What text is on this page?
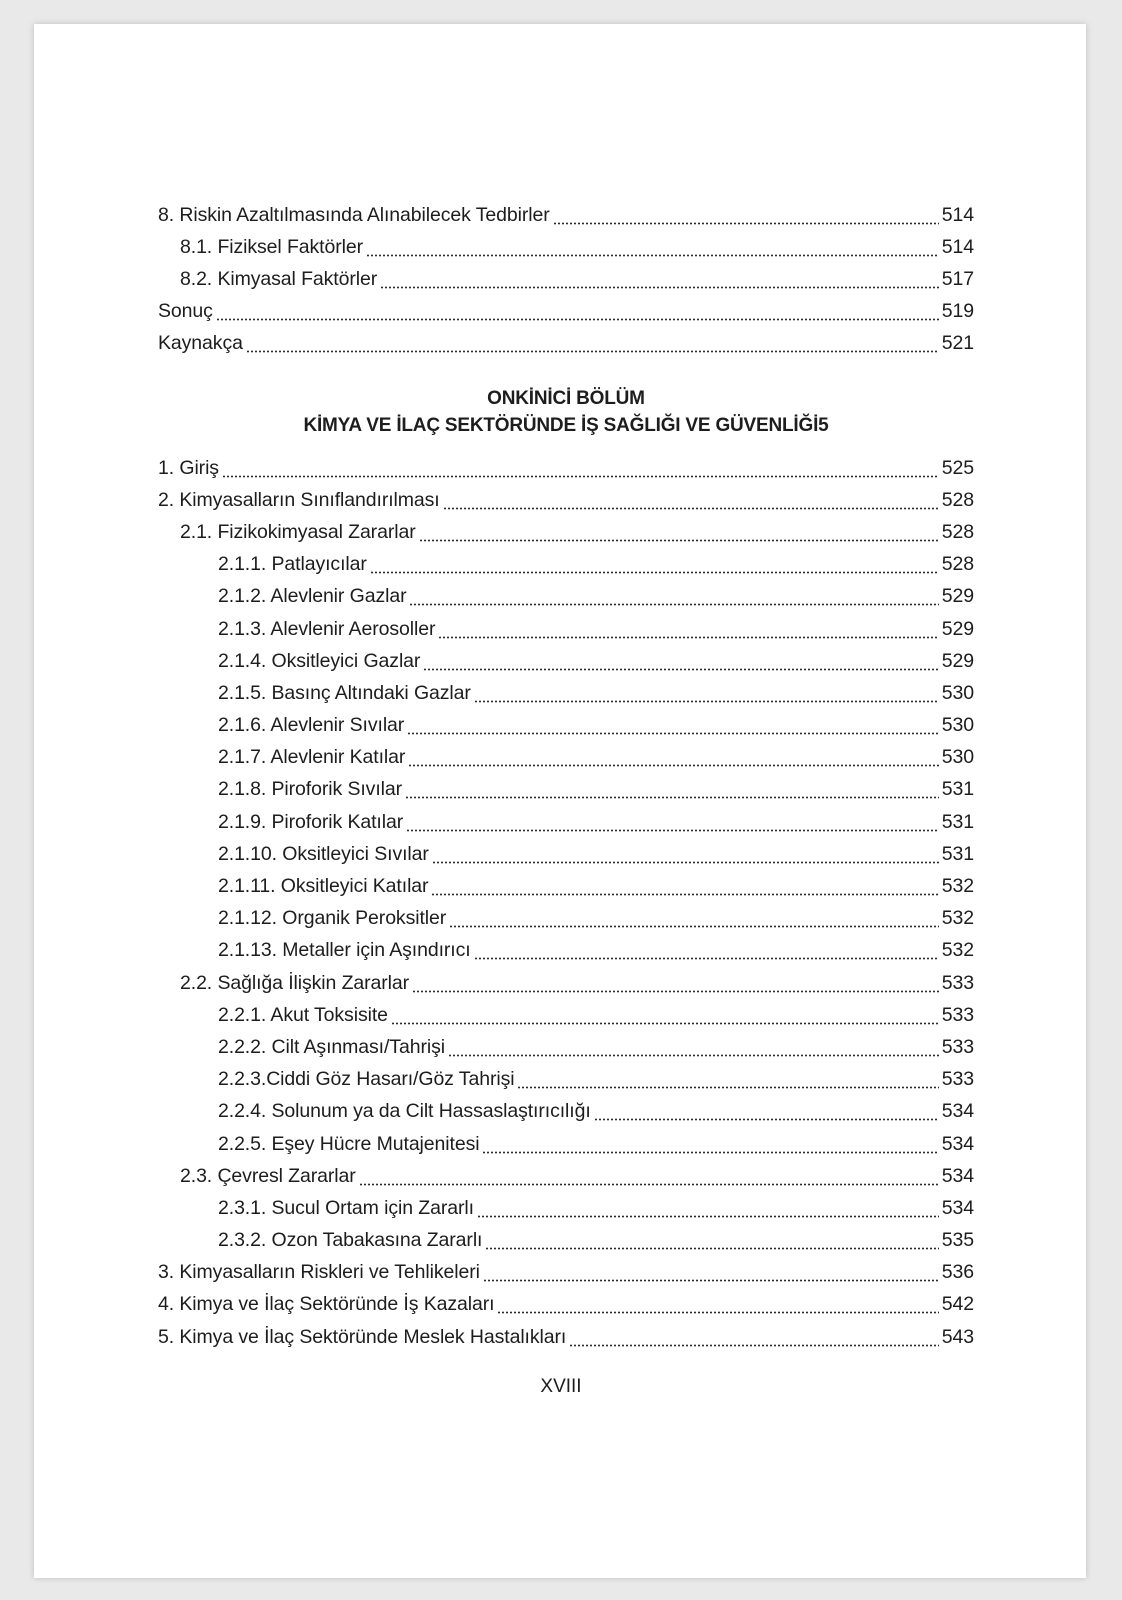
8. Riskin Azaltılmasında Alınabilecek Tedbirler	514
8.1. Fiziksel Faktörler	514
8.2. Kimyasal Faktörler	517
Sonuç	519
Kaynakça	521
ONKİNİCİ BÖLÜM
KİMYA VE İLAÇ SEKTÖRÜNDE İŞ SAĞLIĞI VE GÜVENLİĞİ5
1. Giriş	525
2. Kimyasalların Sınıflandırılması	528
2.1. Fizikokimyasal Zararlar	528
2.1.1. Patlayıcılar	528
2.1.2. Alevlenir Gazlar	529
2.1.3. Alevlenir Aerosoller	529
2.1.4. Oksitleyici Gazlar	529
2.1.5. Basınç Altındaki Gazlar	530
2.1.6. Alevlenir Sıvılar	530
2.1.7. Alevlenir Katılar	530
2.1.8. Piroforik Sıvılar	531
2.1.9. Piroforik Katılar	531
2.1.10. Oksitleyici Sıvılar	531
2.1.11. Oksitleyici Katılar	532
2.1.12. Organik Peroksitler	532
2.1.13. Metaller için Aşındırıcı	532
2.2. Sağlığa İlişkin Zararlar	533
2.2.1. Akut Toksisite	533
2.2.2. Cilt Aşınması/Tahrişi	533
2.2.3.Ciddi Göz Hasarı/Göz Tahrişi	533
2.2.4. Solunum ya da Cilt Hassaslaştırıcılığı	534
2.2.5. Eşey Hücre Mutajenitesi	534
2.3. Çevresl Zararlar	534
2.3.1. Sucul Ortam için Zararlı	534
2.3.2. Ozon Tabakasına Zararlı	535
3. Kimyasalların Riskleri ve Tehlikeleri	536
4. Kimya ve İlaç Sektöründe İş Kazaları	542
5. Kimya ve İlaç Sektöründe Meslek Hastalıkları	543
XVIII
